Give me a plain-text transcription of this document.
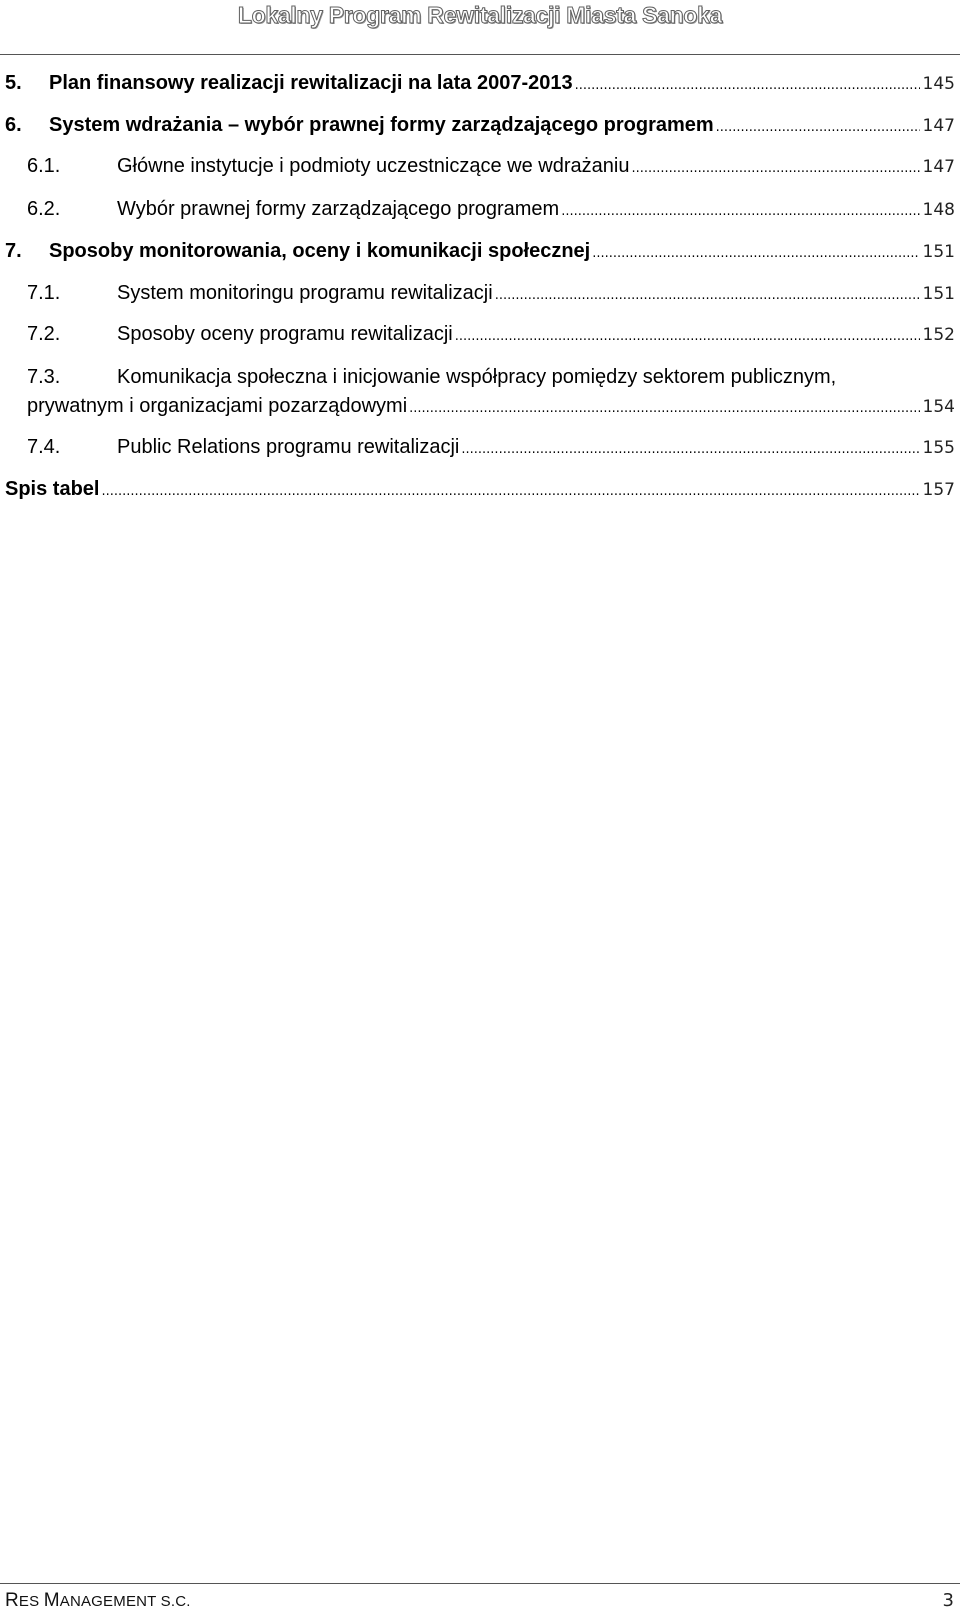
Lokalny Program Rewitalizacji Miasta Sanoka
5.	Plan finansowy realizacji rewitalizacji na lata 2007-2013 .....	145
6.	System wdrażania – wybór prawnej formy zarządzającego programem .....	147
6.1.	Główne instytucje i podmioty uczestniczące we wdrażaniu .....	147
6.2.	Wybór prawnej formy zarządzającego programem .....	148
7.	Sposoby monitorowania, oceny i komunikacji społecznej .....	151
7.1.	System monitoringu programu rewitalizacji .....	151
7.2.	Sposoby oceny programu rewitalizacji .....	152
7.3.	Komunikacja społeczna i inicjowanie współpracy pomiędzy sektorem publicznym,
prywatnym i organizacjami pozarządowymi .....	154
7.4.	Public Relations programu rewitalizacji .....	155
Spis tabel .....	157
RES MANAGEMENT S.C.	3
